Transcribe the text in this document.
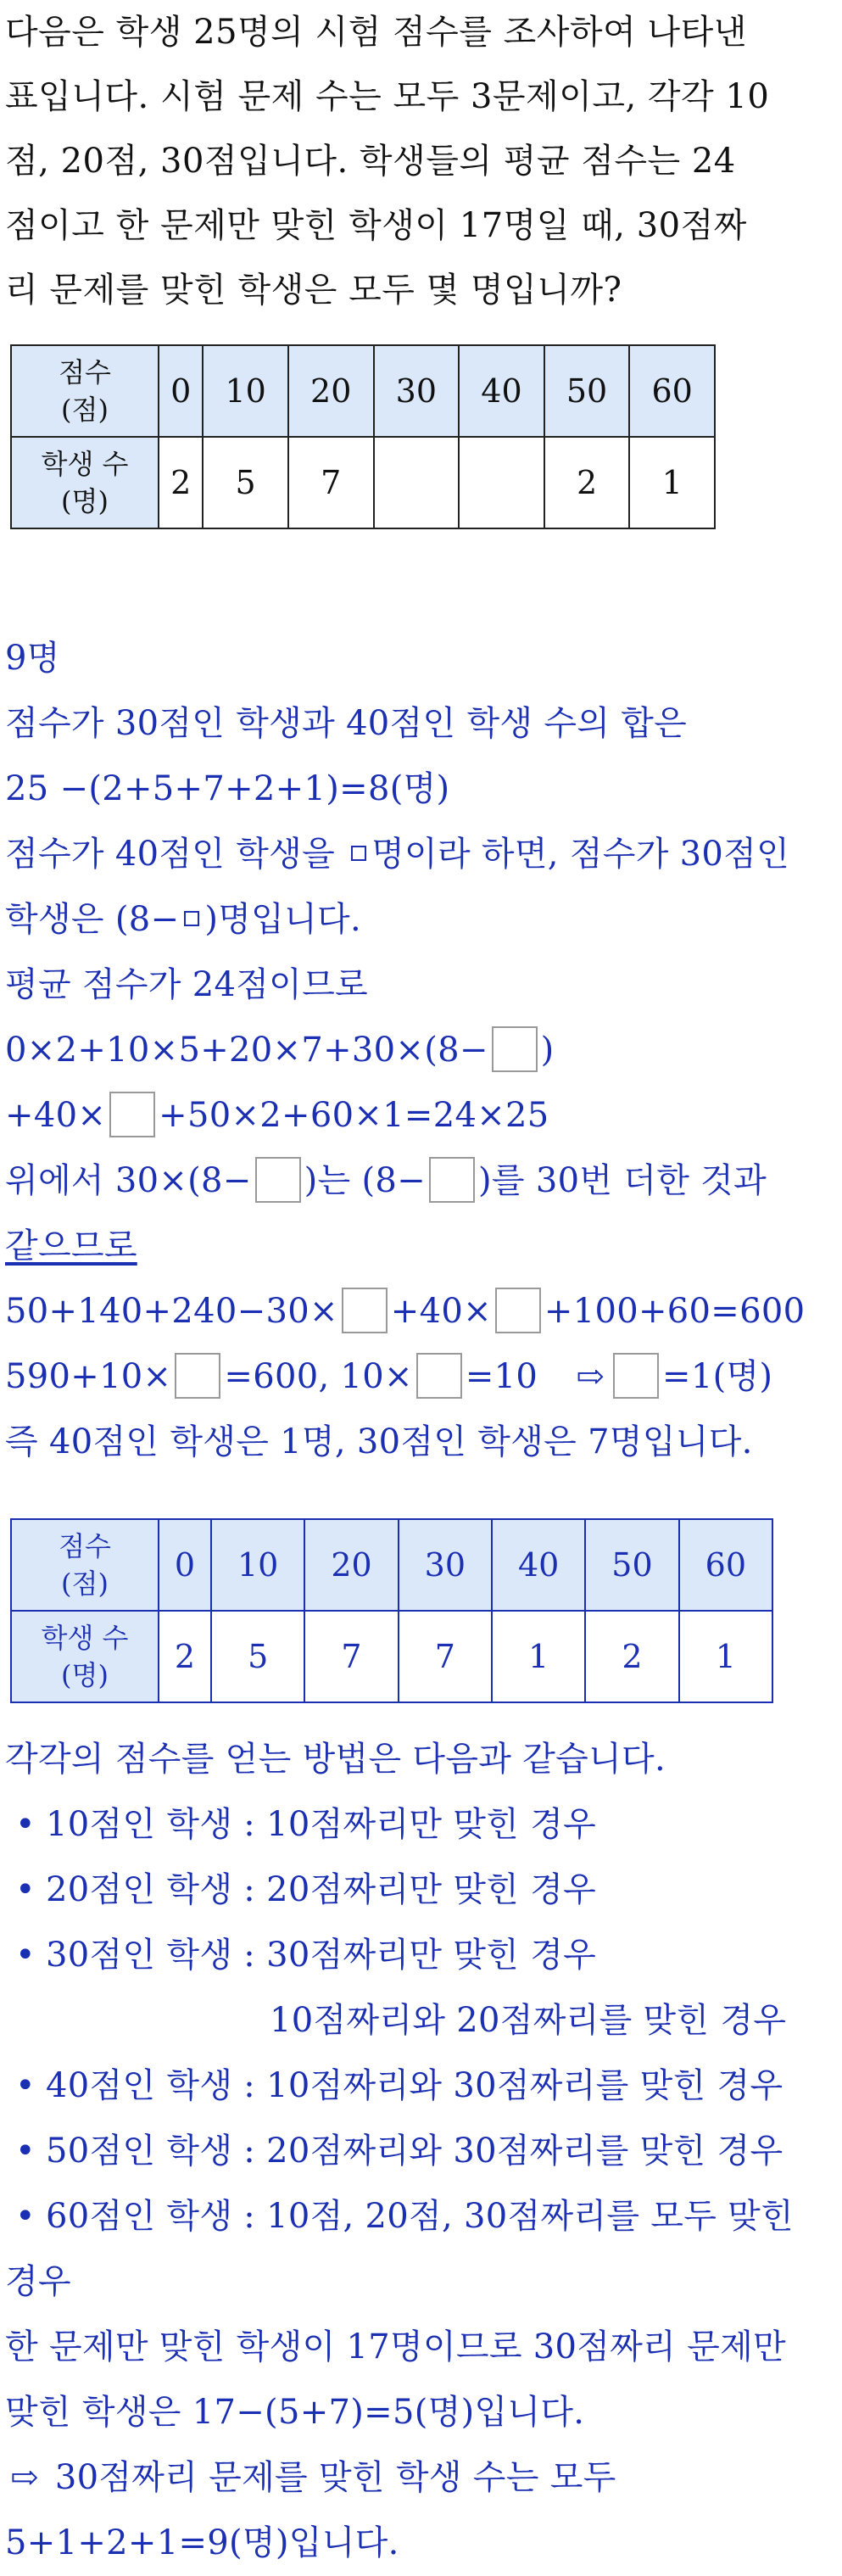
다음은 학생 25명의 시험 점수를 조사하여 나타낸

표입니다. 시험 문제 수는 모두 3문제이고, 각각 10

점, 20점, 30점입니다. 학생들의 평균 점수는 24

점이고 한 문제만 맞힌 학생이 17명일 때, 30점짜

리 문제를 맞힌 학생은 모두 몇 명입니까?

점수
(점)	0	10	20	30	40	50	60

학생 수
(명)	2	5	7			2	1

9명

점수가 30점인 학생과 40점인 학생 수의 합은

25 −(2+5+7+2+1)=8(명)

점수가 40점인 학생을 명이라 하면, 점수가 30점인

학생은 (8− )명입니다.

평균 점수가 24점이므로

0×2+10×5+20×7+30×(8− )

+40× +50×2+60×1=24×25

위에서 30×(8− )는 (8− )를 30번 더한 것과

같으므로

50+140+240−30× +40× +100+60=600

590+10× =600, 10× =10 ⇨ =1(명)

즉 40점인 학생은 1명, 30점인 학생은 7명입니다.

점수
(점)	0	10	20	30	40	50	60

학생 수
(명)	2	5	7	7	1	2	1

각각의 점수를 얻는 방법은 다음과 같습니다.

• 10점인 학생 : 10점짜리만 맞힌 경우

• 20점인 학생 : 20점짜리만 맞힌 경우

• 30점인 학생 : 30점짜리만 맞힌 경우

10점짜리와 20점짜리를 맞힌 경우

• 40점인 학생 : 10점짜리와 30점짜리를 맞힌 경우

• 50점인 학생 : 20점짜리와 30점짜리를 맞힌 경우

• 60점인 학생 : 10점, 20점, 30점짜리를 모두 맞힌

경우

한 문제만 맞힌 학생이 17명이므로 30점짜리 문제만

맞힌 학생은 17−(5+7)=5(명)입니다.

⇨ 30점짜리 문제를 맞힌 학생 수는 모두

5+1+2+1=9(명)입니다.
